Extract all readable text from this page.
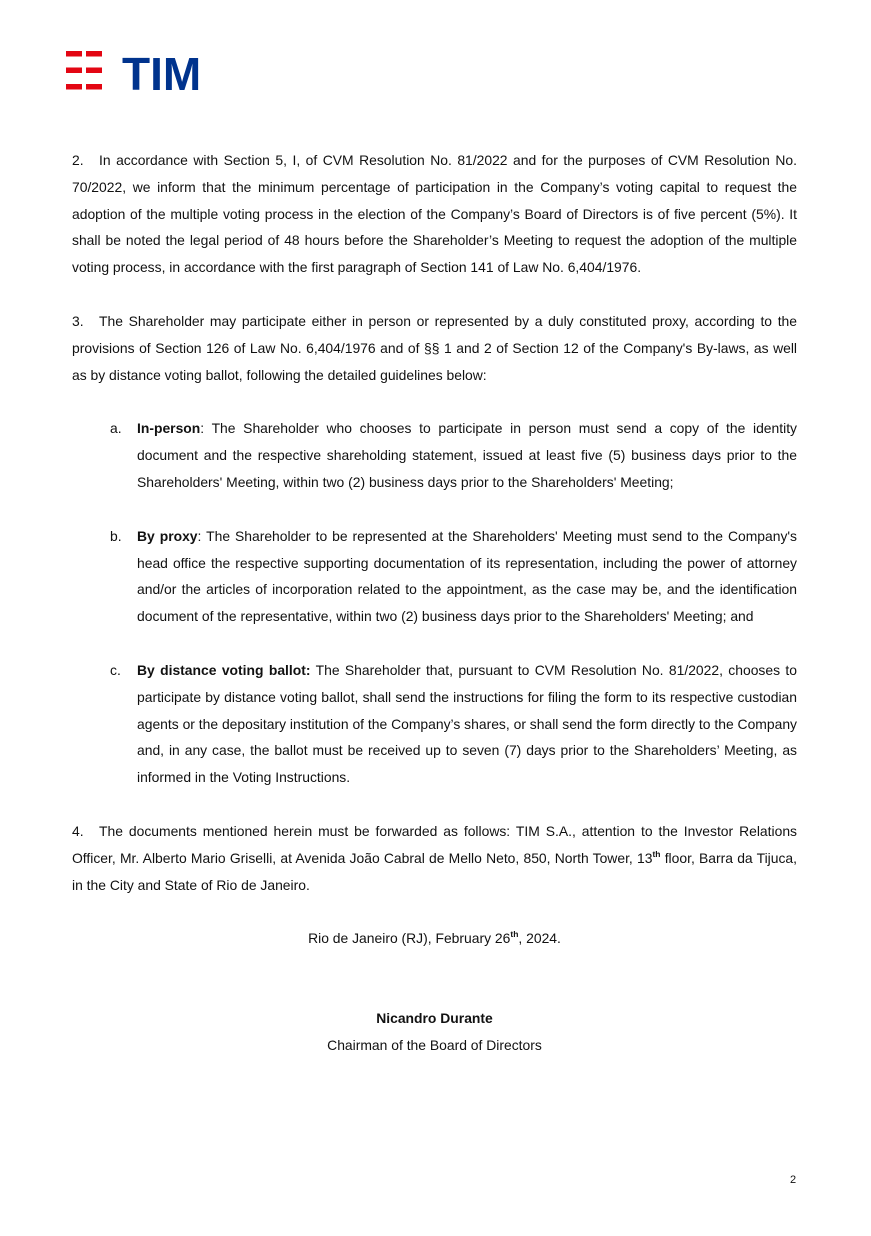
TIM

2. In accordance with Section 5, I, of CVM Resolution No. 81/2022 and for the purposes of CVM Resolution No. 70/2022, we inform that the minimum percentage of participation in the Company’s voting capital to request the adoption of the multiple voting process in the election of the Company’s Board of Directors is of five percent (5%). It shall be noted the legal period of 48 hours before the Shareholder’s Meeting to request the adoption of the multiple voting process, in accordance with the first paragraph of Section 141 of Law No. 6,404/1976.

3. The Shareholder may participate either in person or represented by a duly constituted proxy, according to the provisions of Section 126 of Law No. 6,404/1976 and of §§ 1 and 2 of Section 12 of the Company's By-laws, as well as by distance voting ballot, following the detailed guidelines below:

a. In-person: The Shareholder who chooses to participate in person must send a copy of the identity document and the respective shareholding statement, issued at least five (5) business days prior to the Shareholders' Meeting, within two (2) business days prior to the Shareholders' Meeting;

b. By proxy: The Shareholder to be represented at the Shareholders' Meeting must send to the Company's head office the respective supporting documentation of its representation, including the power of attorney and/or the articles of incorporation related to the appointment, as the case may be, and the identification document of the representative, within two (2) business days prior to the Shareholders' Meeting; and

c. By distance voting ballot: The Shareholder that, pursuant to CVM Resolution No. 81/2022, chooses to participate by distance voting ballot, shall send the instructions for filing the form to its respective custodian agents or the depositary institution of the Company’s shares, or shall send the form directly to the Company and, in any case, the ballot must be received up to seven (7) days prior to the Shareholders’ Meeting, as informed in the Voting Instructions.

4. The documents mentioned herein must be forwarded as follows: TIM S.A., attention to the Investor Relations Officer, Mr. Alberto Mario Griselli, at Avenida João Cabral de Mello Neto, 850, North Tower, 13th floor, Barra da Tijuca, in the City and State of Rio de Janeiro.

Rio de Janeiro (RJ), February 26th, 2024.

Nicandro Durante

Chairman of the Board of Directors

2
